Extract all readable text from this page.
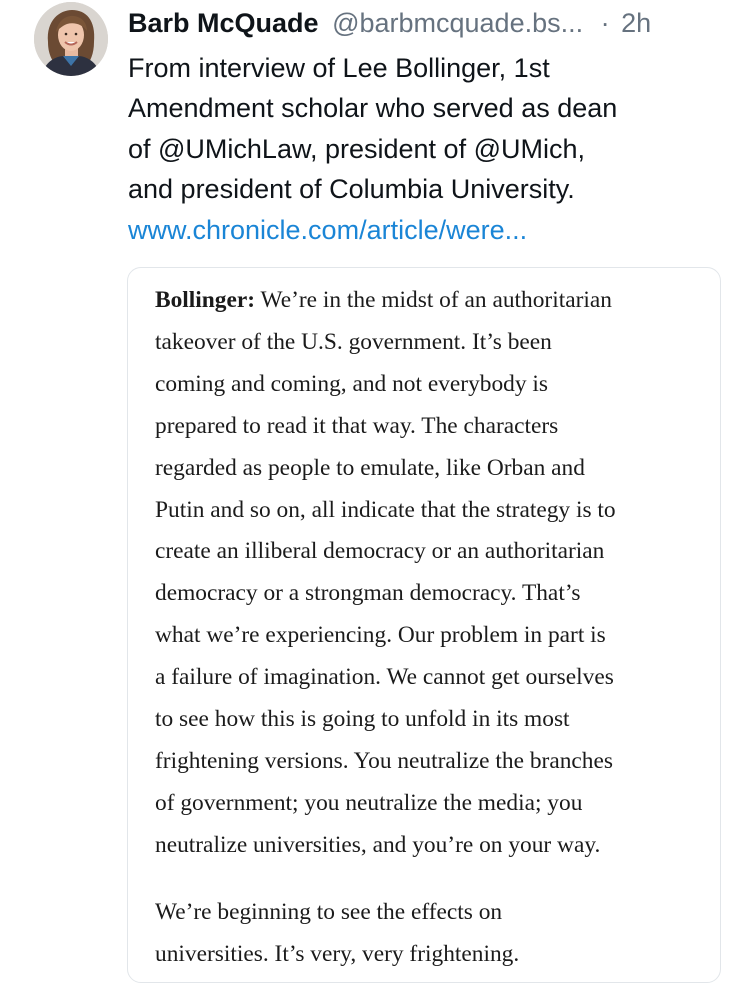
Barb McQuade @barbmcquade.bs... · 2h
From interview of Lee Bollinger, 1st
Amendment scholar who served as dean
of @UMichLaw, president of @UMich,
and president of Columbia University.
www.chronicle.com/article/were...
Bollinger: We’re in the midst of an authoritarian
takeover of the U.S. government. It’s been
coming and coming, and not everybody is
prepared to read it that way. The characters
regarded as people to emulate, like Orban and
Putin and so on, all indicate that the strategy is to
create an illiberal democracy or an authoritarian
democracy or a strongman democracy. That’s
what we’re experiencing. Our problem in part is
a failure of imagination. We cannot get ourselves
to see how this is going to unfold in its most
frightening versions. You neutralize the branches
of government; you neutralize the media; you
neutralize universities, and you’re on your way.
We’re beginning to see the effects on
universities. It’s very, very frightening.
